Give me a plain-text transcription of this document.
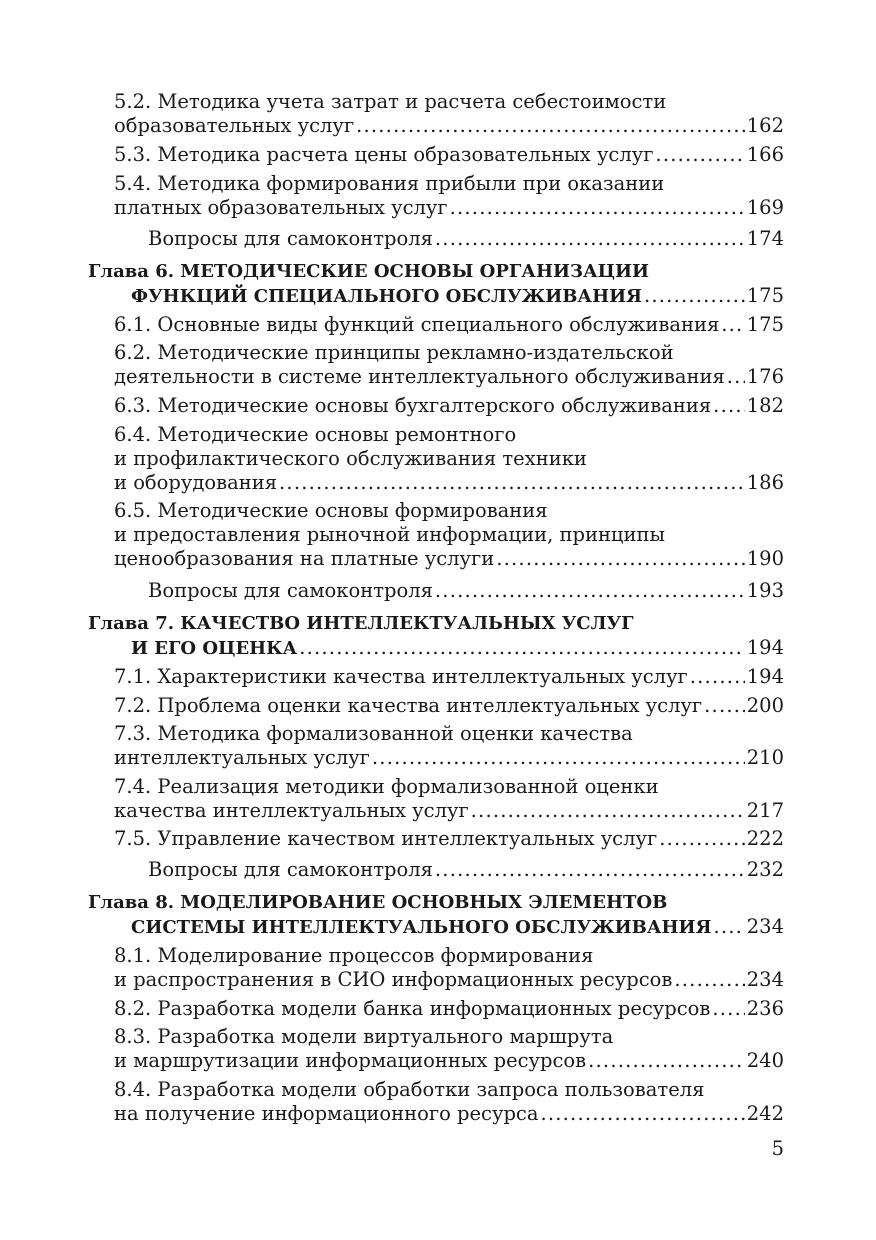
5.2. Методика учета затрат и расчета себестоимости
образовательных услуг . . .	162
5.3. Методика расчета цены образовательных услуг . . .	166
5.4. Методика формирования прибыли при оказании
платных образовательных услуг . . .	169
Вопросы для самоконтроля . . .	174
Глава 6. МЕТОДИЧЕСКИЕ ОСНОВЫ ОРГАНИЗАЦИИ
ФУНКЦИЙ СПЕЦИАЛЬНОГО ОБСЛУЖИВАНИЯ . . .	175
6.1. Основные виды функций специального обслуживания . . . 175
6.2. Методические принципы рекламно-издательской
деятельности в системе интеллектуального обслуживания . . . 176
6.3. Методические основы бухгалтерского обслуживания . . . 182
6.4. Методические основы ремонтного
и профилактического обслуживания техники
и оборудования . . .	186
6.5. Методические основы формирования
и предоставления рыночной информации, принципы
ценообразования на платные услуги . . .	190
Вопросы для самоконтроля . . .	193
Глава 7. КАЧЕСТВО ИНТЕЛЛЕКТУАЛЬНЫХ УСЛУГ
И ЕГО ОЦЕНКА . . .	194
7.1. Характеристики качества интеллектуальных услуг . . .	194
7.2. Проблема оценки качества интеллектуальных услуг . . . 200
7.3. Методика формализованной оценки качества
интеллектуальных услуг . . .	210
7.4. Реализация методики формализованной оценки
качества интеллектуальных услуг . . .	217
7.5. Управление качеством интеллектуальных услуг . . .	222
Вопросы для самоконтроля . . .	232
Глава 8. МОДЕЛИРОВАНИЕ ОСНОВНЫХ ЭЛЕМЕНТОВ
СИСТЕМЫ ИНТЕЛЛЕКТУАЛЬНОГО ОБСЛУЖИВАНИЯ . . . 234
8.1. Моделирование процессов формирования
и распространения в СИО информационных ресурсов . . .	234
8.2. Разработка модели банка информационных ресурсов . . . 236
8.3. Разработка модели виртуального маршрута
и маршрутизации информационных ресурсов . . .	240
8.4. Разработка модели обработки запроса пользователя
на получение информационного ресурса . . .	242
5
